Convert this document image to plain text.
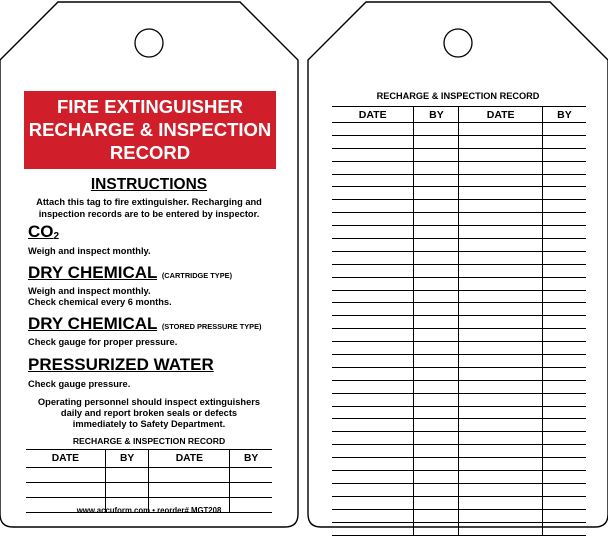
FIRE EXTINGUISHER
RECHARGE & INSPECTION
RECORD
INSTRUCTIONS
Attach this tag to fire extinguisher. Recharging and
inspection records are to be entered by inspector.
$CO_2$
Weigh and inspect monthly.
DRY CHEMICAL (CARTRIDGE TYPE)
Weigh and inspect monthly.
Check chemical every 6 months.
DRY CHEMICAL (STORED PRESSURE TYPE)
Check gauge for proper pressure.
PRESSURIZED WATER
Check gauge pressure.
Operating personnel should inspect extinguishers
daily and report broken seals or defects
immediately to Safety Department.
RECHARGE & INSPECTION RECORD
DATE	BY	DATE	BY

www.accuform.com • reorder# MGT208
RECHARGE & INSPECTION RECORD
DATE	BY	DATE	BY
